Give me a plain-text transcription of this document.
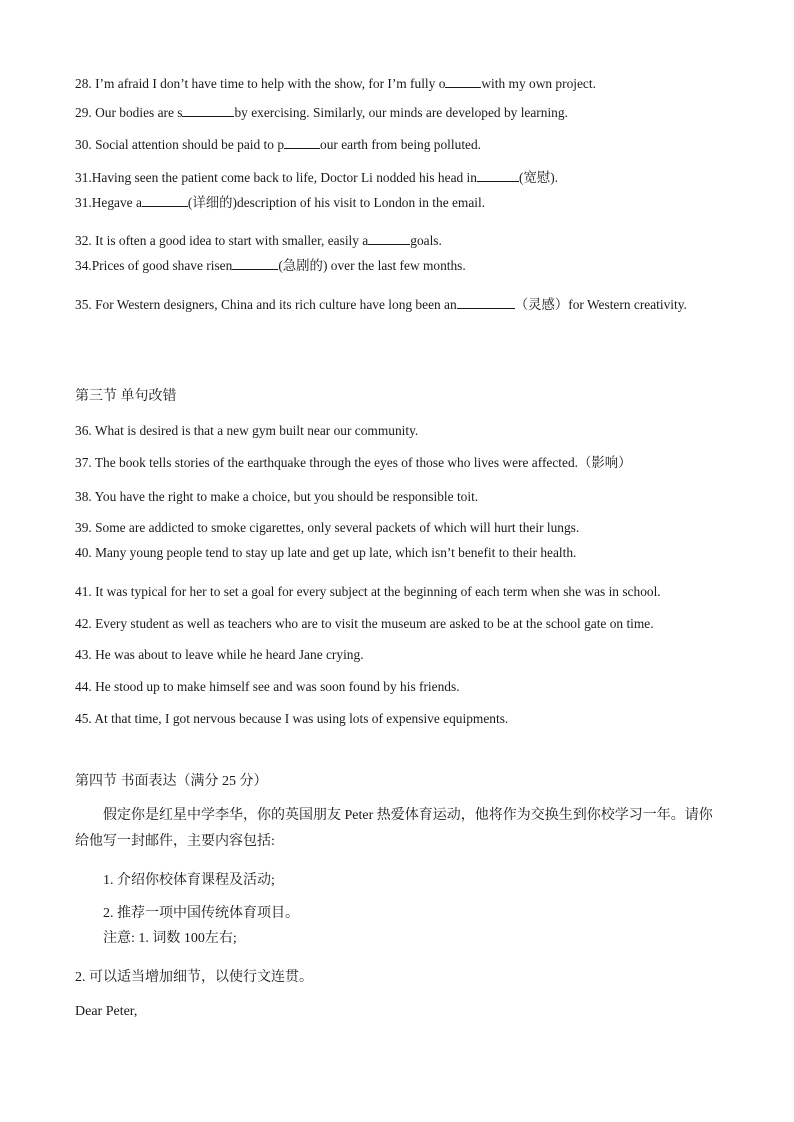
28. I’m afraid I don’t have time to help with the show, for I’m fully o	with my own project.
29. Our bodies are s	by exercising. Similarly, our minds are developed by learning.
30. Social attention should be paid to p	our earth from being polluted.
31.Having seen the patient come back to life, Doctor Li nodded his head in	(宽慰).
31.Hegave a	(详细的)description of his visit to London in the email.
32. It is often a good idea to start with smaller, easily a	goals.
34.Prices of good shave risen	(急剧的) over the last few months.
35. For Western designers, China and its rich culture have long been an	（灵感）for Western creativity.
第三节 单句改错
36. What is desired is that a new gym built near our community.
37. The book tells stories of the earthquake through the eyes of those who lives were affected.（影响）
38. You have the right to make a choice, but you should be responsible toit.
39. Some are addicted to smoke cigarettes, only several packets of which will hurt their lungs.
40. Many young people tend to stay up late and get up late, which isn’t benefit to their health.
41. It was typical for her to set a goal for every subject at the beginning of each term when she was in school.
42. Every student as well as teachers who are to visit the museum are asked to be at the school gate on time.
43. He was about to leave while he heard Jane crying.
44. He stood up to make himself see and was soon found by his friends.
45. At that time, I got nervous because I was using lots of expensive equipments.
第四节 书面表达（满分 25 分）
假定你是红星中学李华，你的英国朋友 Peter 热爱体育运动，他将作为交换生到你校学习一年。请你给他写一封邮件，主要内容包括:
1. 介绍你校体育课程及活动;
2. 推荐一项中国传统体育项目。
注意: 1. 词数 100左右;
2. 可以适当增加细节，以使行文连贯。
Dear Peter,
